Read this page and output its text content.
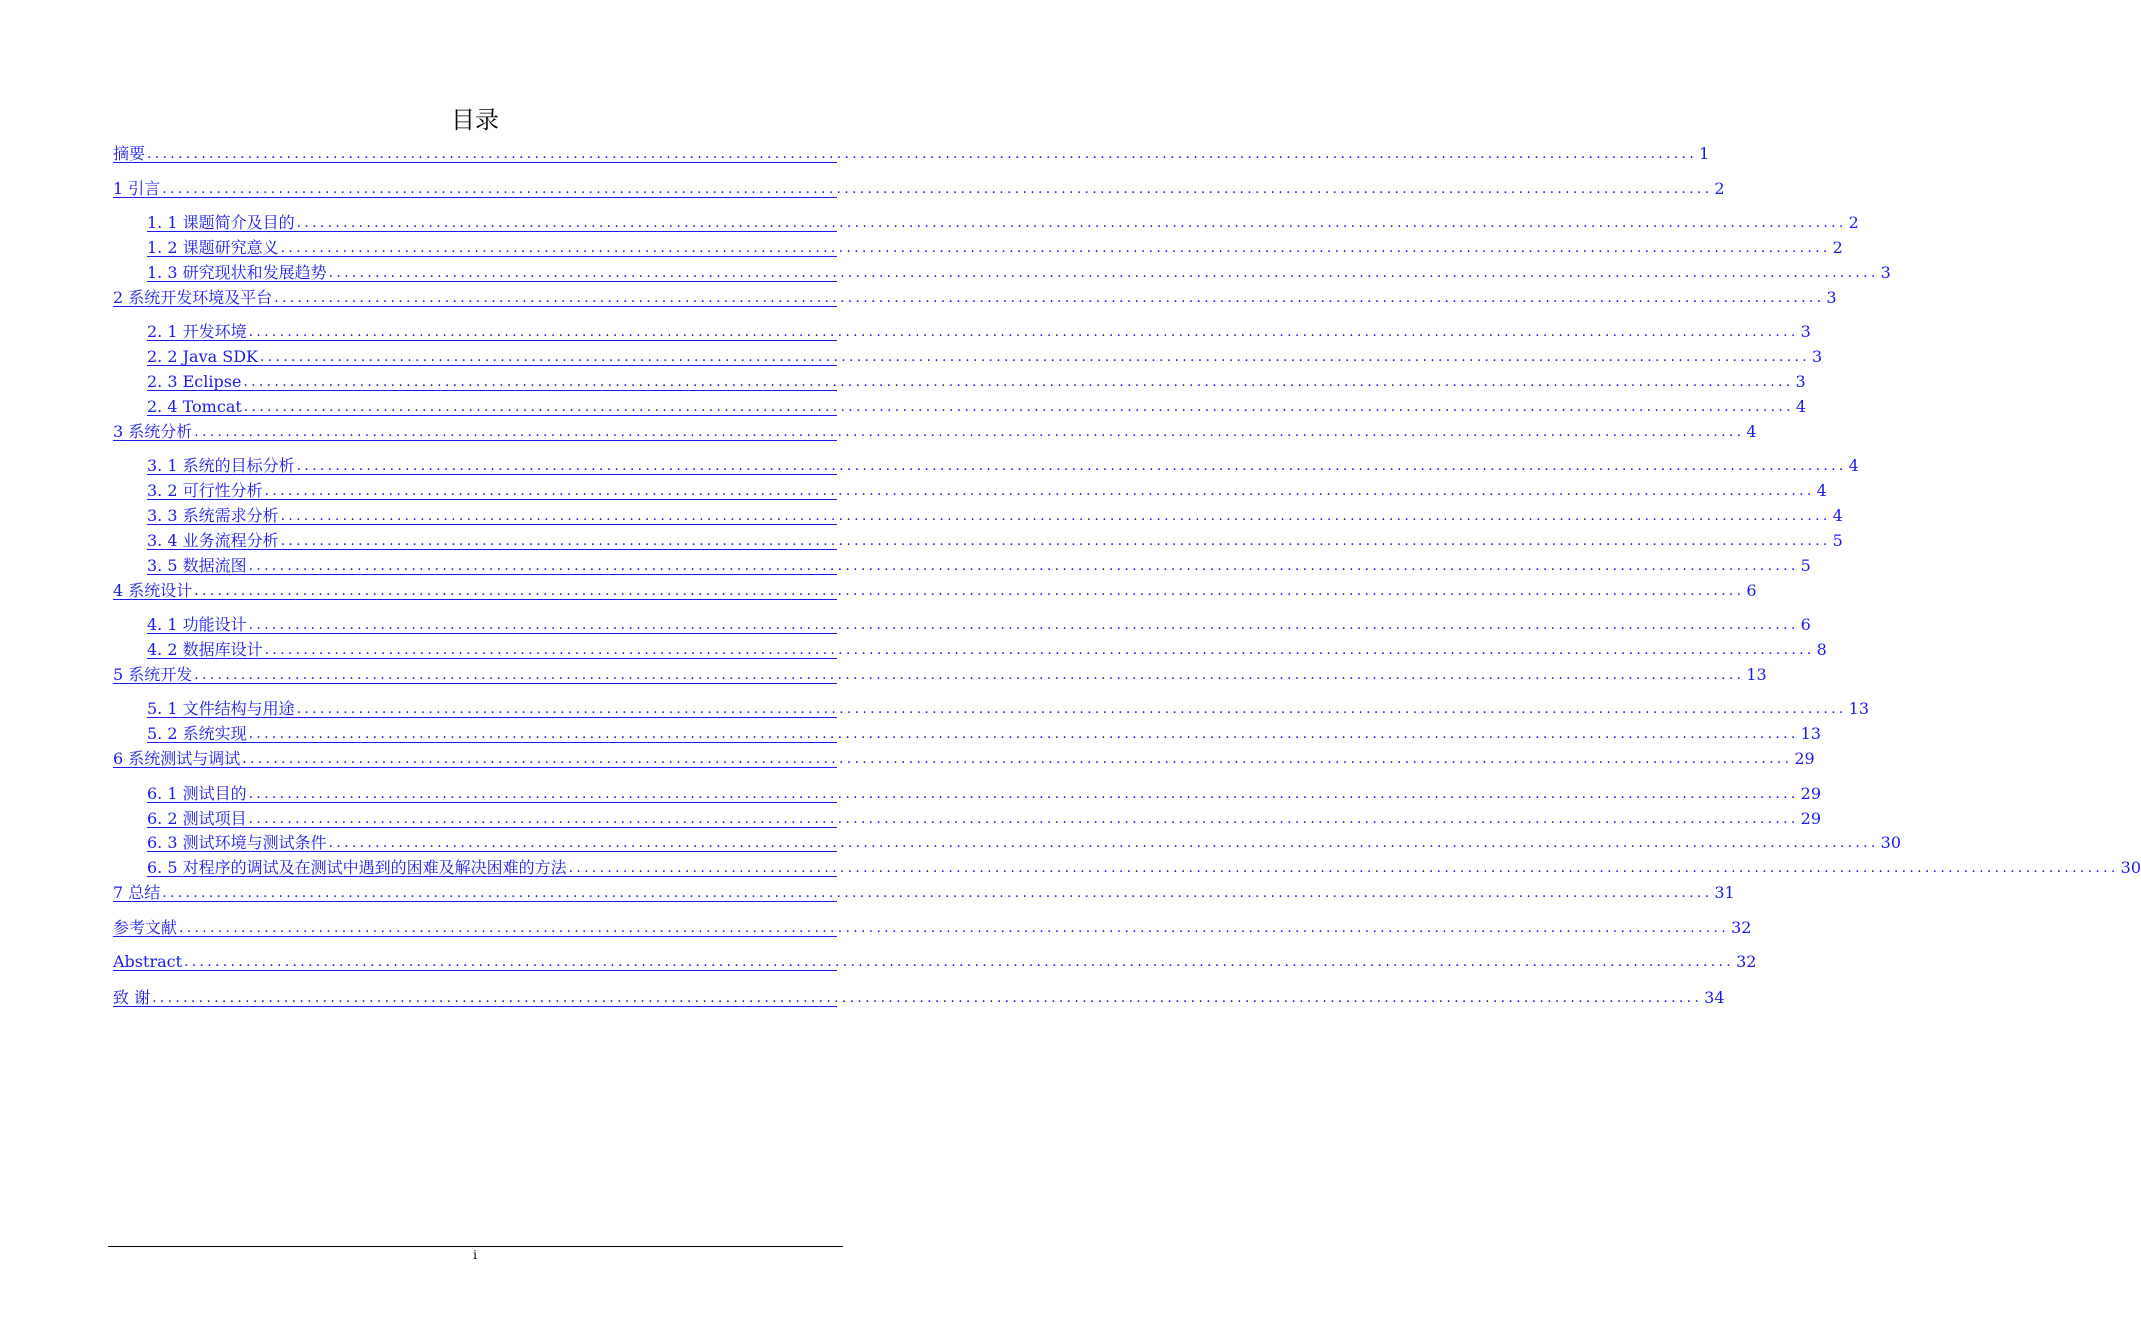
目录
摘要 ........................................................................................................................................................................................................ 1
1 引言 ........................................................................................................................................................................................................ 2
1. 1 课题简介及目的 ........................................................................................................................................................................................................ 2
1. 2 课题研究意义 ........................................................................................................................................................................................................ 2
1. 3 研究现状和发展趋势 ........................................................................................................................................................................................................ 3
2 系统开发环境及平台 ........................................................................................................................................................................................................ 3
2. 1 开发环境 ........................................................................................................................................................................................................ 3
2. 2 Java SDK ........................................................................................................................................................................................................ 3
2. 3 Eclipse ........................................................................................................................................................................................................ 3
2. 4 Tomcat ........................................................................................................................................................................................................ 4
3 系统分析 ........................................................................................................................................................................................................ 4
3. 1 系统的目标分析 ........................................................................................................................................................................................................ 4
3. 2 可行性分析 ........................................................................................................................................................................................................ 4
3. 3 系统需求分析 ........................................................................................................................................................................................................ 4
3. 4 业务流程分析 ........................................................................................................................................................................................................ 5
3. 5 数据流图 ........................................................................................................................................................................................................ 5
4 系统设计 ........................................................................................................................................................................................................ 6
4. 1 功能设计 ........................................................................................................................................................................................................ 6
4. 2 数据库设计 ........................................................................................................................................................................................................ 8
5 系统开发 ........................................................................................................................................................................................................ 13
5. 1 文件结构与用途 ........................................................................................................................................................................................................ 13
5. 2 系统实现 ........................................................................................................................................................................................................ 13
6 系统测试与调试 ........................................................................................................................................................................................................ 29
6. 1 测试目的 ........................................................................................................................................................................................................ 29
6. 2 测试项目 ........................................................................................................................................................................................................ 29
6. 3 测试环境与测试条件 ........................................................................................................................................................................................................ 30
6. 5 对程序的调试及在测试中遇到的困难及解决困难的方法 ........................................................................................................................................................................................................ 30
7 总结 ........................................................................................................................................................................................................ 31
参考文献 ........................................................................................................................................................................................................ 32
Abstract ........................................................................................................................................................................................................ 32
致 谢 ........................................................................................................................................................................................................ 34
i
